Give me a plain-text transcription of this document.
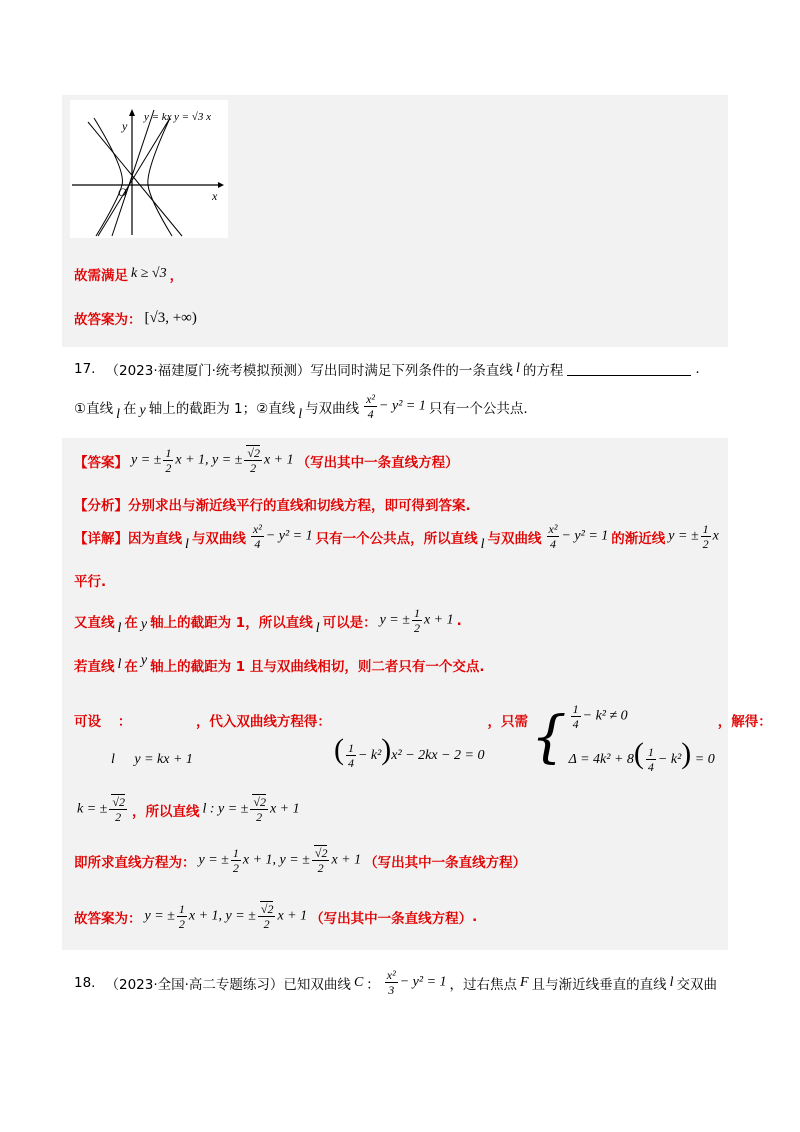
y = kx y = √3 x
x
y
O
故需满足 k ≥ √3 ，
故答案为： [√3, +∞)
17. （2023·福建厦门·统考模拟预测）写出同时满足下列条件的一条直线 l 的方程	.
①直线 l 在 y 轴上的截距为 1；②直线 l 与双曲线 $\frac{\text{x²}}{4} - y^2 = 1$ 只有一个公共点.
【答案】 y = ± $\frac{1}{2}$ x + 1, y = ± $\frac{√2}{2}$ x + 1 （写出其中一条直线方程）
【分析】 分别求出与渐近线平行的直线和切线方程，即可得到答案.
【详解】 因为直线 l 与双曲线 $\frac{\text{x²}}{4} - y^2 = 1$ 只有一个公共点，所以直线 l 与双曲线 $\frac{\text{x²}}{4} - y^2 = 1$ 的渐近线 y = ± $\frac{1}{2}$ x
平行.
又直线 l 在 y 轴上的截距为 1，所以直线 l 可以是： y = ± $\frac{1}{2}$ x + 1 .
若直线 l 在 y 轴上的截距为 1 且与双曲线相切，则二者只有一个交点.
可设
l
：
y = kx + 1
，代入双曲线方程得：
( $\frac{1}{4} - k^2)x^2 - 2kx - 2 = 0$
，只需 { $\frac{1}{4} - k^2 \ne 0$
$\Delta = 4k^2 + 8( \frac{1}{4} - k^2) = 0$
，解得：
k = ± $\frac{√2}{2}$ ，所以直线 l : y = ± $\frac{√2}{2}$ x + 1
即所求直线方程为： y = ± $\frac{1}{2}$ x + 1, y = ± $\frac{√2}{2}$ x + 1 （写出其中一条直线方程）
故答案为： y = ± $\frac{1}{2}$ x + 1, y = ± $\frac{√2}{2}$ x + 1 （写出其中一条直线方程） .
18. （2023·全国·高二专题练习）已知双曲线 C ： $\frac{\text{x²}}{3} - y^2 = 1$ ，过右焦点 F 且与渐近线垂直的直线 l 交双曲
